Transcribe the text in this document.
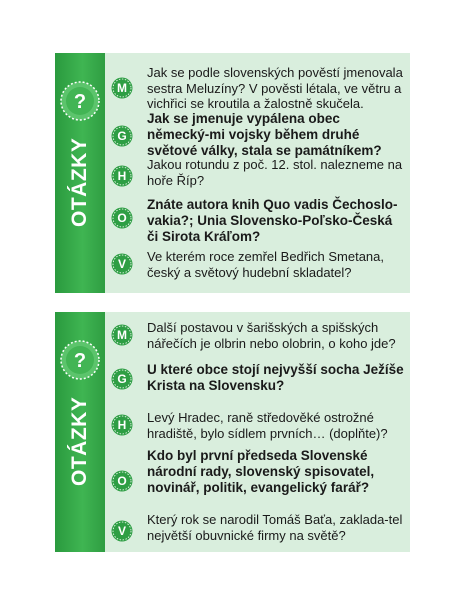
?
OTÁZKY
M
Jak se podle slovenských pověstí jmenovala sestra Meluzíny? V pověsti létala, ve větru a vichřici se kroutila a žalostně skučela.
G
Jak se jmenuje vypálena obec německý-mi vojsky během druhé světové války, stala se památníkem?
H
Jakou rotundu z poč. 12. stol. nalezneme na hoře Říp?
O
Znáte autora knih Quo vadis Čechoslo-vakia?; Unia Slovensko-Poľsko-Česká či Sirota Kráľom?
V	Ve kterém roce zemřel Bedřich Smetana, český a světový hudební skladatel?
?
OTÁZKY
M	Další postavou v šarišských a spišských nářečích je olbrin nebo olobrin, o koho jde?
G
U které obce stojí nejvyšší socha Ježíše Krista na Slovensku?
H	Levý Hradec, raně středověké ostrožné hradiště, bylo sídlem prvních… (doplňte)?
O
Kdo byl první předseda Slovenské národní rady, slovenský spisovatel, novinář, politik, evangelický farář?
V
Který rok se narodil Tomáš Baťa, zaklada-tel největší obuvnické firmy na světě?
